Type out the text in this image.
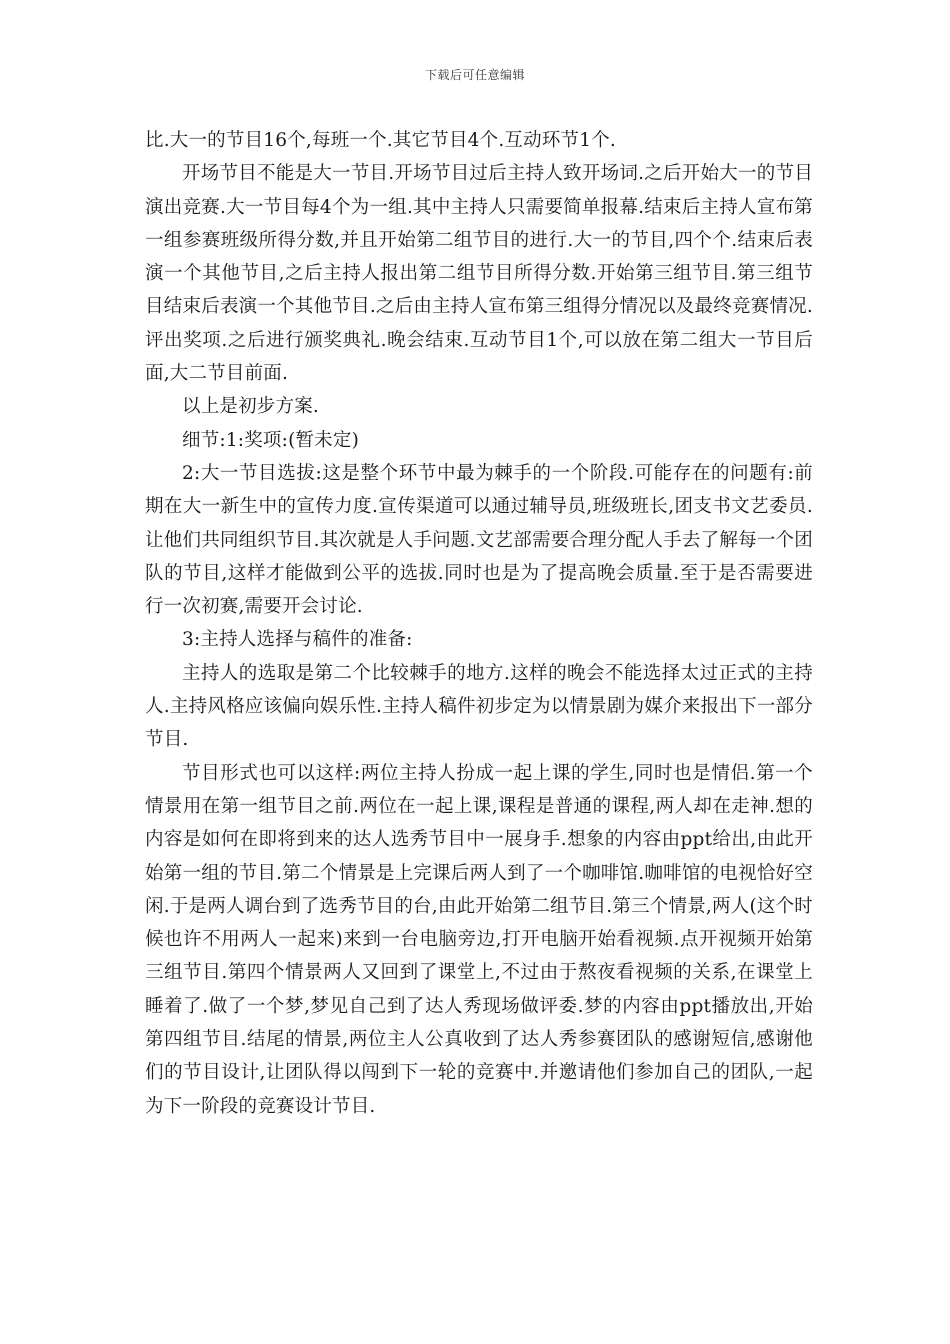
下载后可任意编辑

比.大一的节目16个,每班一个.其它节目4个.互动环节1个.

开场节目不能是大一节目.开场节目过后主持人致开场词.之后开始大一的节目演出竞赛.大一节目每4个为一组.其中主持人只需要简单报幕.结束后主持人宣布第一组参赛班级所得分数,并且开始第二组节目的进行.大一的节目,四个个.结束后表演一个其他节目,之后主持人报出第二组节目所得分数.开始第三组节目.第三组节目结束后表演一个其他节目.之后由主持人宣布第三组得分情况以及最终竞赛情况.评出奖项.之后进行颁奖典礼.晚会结束.互动节目1个,可以放在第二组大一节目后面,大二节目前面.

以上是初步方案.

细节:1:奖项:(暂未定)

2:大一节目选拔:这是整个环节中最为棘手的一个阶段.可能存在的问题有:前期在大一新生中的宣传力度.宣传渠道可以通过辅导员,班级班长,团支书文艺委员.让他们共同组织节目.其次就是人手问题.文艺部需要合理分配人手去了解每一个团队的节目,这样才能做到公平的选拔.同时也是为了提高晚会质量.至于是否需要进行一次初赛,需要开会讨论.

3:主持人选择与稿件的准备:

主持人的选取是第二个比较棘手的地方.这样的晚会不能选择太过正式的主持人.主持风格应该偏向娱乐性.主持人稿件初步定为以情景剧为媒介来报出下一部分节目.

节目形式也可以这样:两位主持人扮成一起上课的学生,同时也是情侣.第一个情景用在第一组节目之前.两位在一起上课,课程是普通的课程,两人却在走神.想的内容是如何在即将到来的达人选秀节目中一展身手.想象的内容由ppt给出,由此开始第一组的节目.第二个情景是上完课后两人到了一个咖啡馆.咖啡馆的电视恰好空闲.于是两人调台到了选秀节目的台,由此开始第二组节目.第三个情景,两人(这个时候也许不用两人一起来)来到一台电脑旁边,打开电脑开始看视频.点开视频开始第三组节目.第四个情景两人又回到了课堂上,不过由于熬夜看视频的关系,在课堂上睡着了.做了一个梦,梦见自己到了达人秀现场做评委.梦的内容由ppt播放出,开始第四组节目.结尾的情景,两位主人公真收到了达人秀参赛团队的感谢短信,感谢他们的节目设计,让团队得以闯到下一轮的竞赛中.并邀请他们参加自己的团队,一起为下一阶段的竞赛设计节目.
